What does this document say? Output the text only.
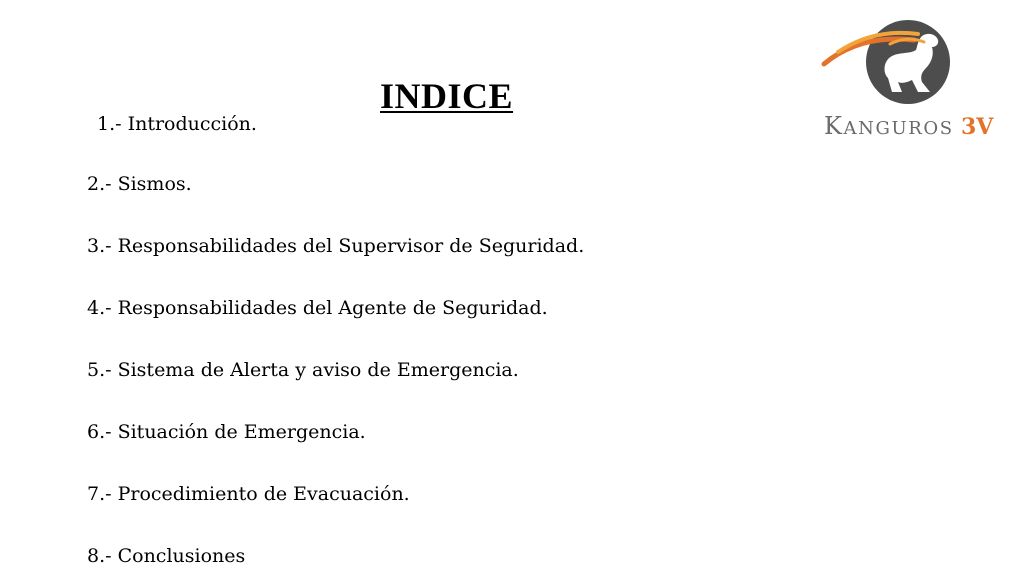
INDICE

1.- Introducción.

2.- Sismos.

3.- Responsabilidades del Supervisor de Seguridad.

4.- Responsabilidades del Agente de Seguridad.

5.- Sistema de Alerta y aviso de Emergencia.

6.- Situación de Emergencia.

7.- Procedimiento de Evacuación.

8.- Conclusiones

KANGUROS 3V
